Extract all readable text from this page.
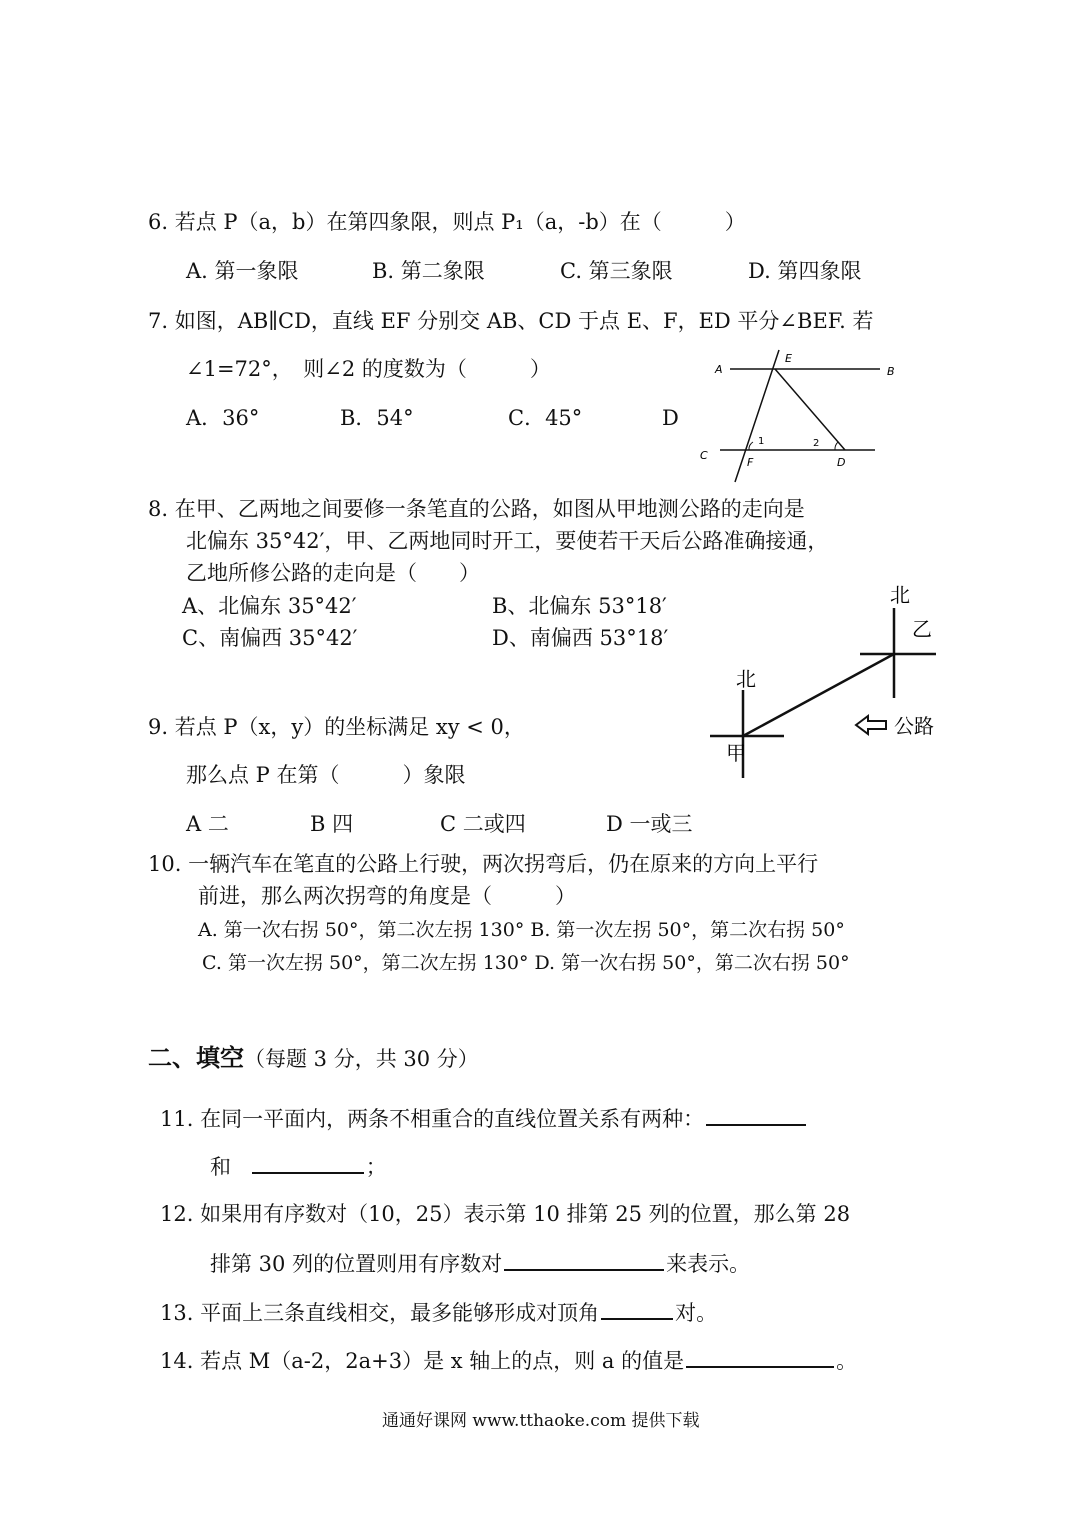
6. 若点 P（a，b）在第四象限，则点 P₁（a，-b）在（　　　）
A. 第一象限	B. 第二象限	C. 第三象限	D. 第四象限
7. 如图，AB∥CD，直线 EF 分别交 AB、CD 于点 E、F，ED 平分∠BEF. 若
∠1=72°，　则∠2 的度数为（　　　）
A．36°	B．54°	C．45°	D
A	B
E
C
F	D
1	2
8. 在甲、乙两地之间要修一条笔直的公路，如图从甲地测公路的走向是
北偏东 35°42′，甲、乙两地同时开工，要使若干天后公路准确接通，
乙地所修公路的走向是（　　）
A、北偏东 35°42′	B、北偏东 53°18′
C、南偏西 35°42′	D、南偏西 53°18′
北
乙
北
甲
公路
9. 若点 P（x，y）的坐标满足 xy < 0，
那么点 P 在第（　　　）象限
A 二	B 四	C 二或四	D 一或三
10. 一辆汽车在笔直的公路上行驶，两次拐弯后，仍在原来的方向上平行
前进，那么两次拐弯的角度是（　　　）
A. 第一次右拐 50°，第二次左拐 130° B. 第一次左拐 50°，第二次右拐 50°
C. 第一次左拐 50°，第二次左拐 130° D. 第一次右拐 50°，第二次右拐 50°
二、填空（每题 3 分，共 30 分）
11. 在同一平面内，两条不相重合的直线位置关系有两种：
和	；
12. 如果用有序数对（10，25）表示第 10 排第 25 列的位置，那么第 28
排第 30 列的位置则用有序数对	来表示。
13. 平面上三条直线相交，最多能够形成对顶角	对。
14. 若点 M（a-2，2a+3）是 x 轴上的点，则 a 的值是	。
通通好课网 www.tthaoke.com 提供下载
